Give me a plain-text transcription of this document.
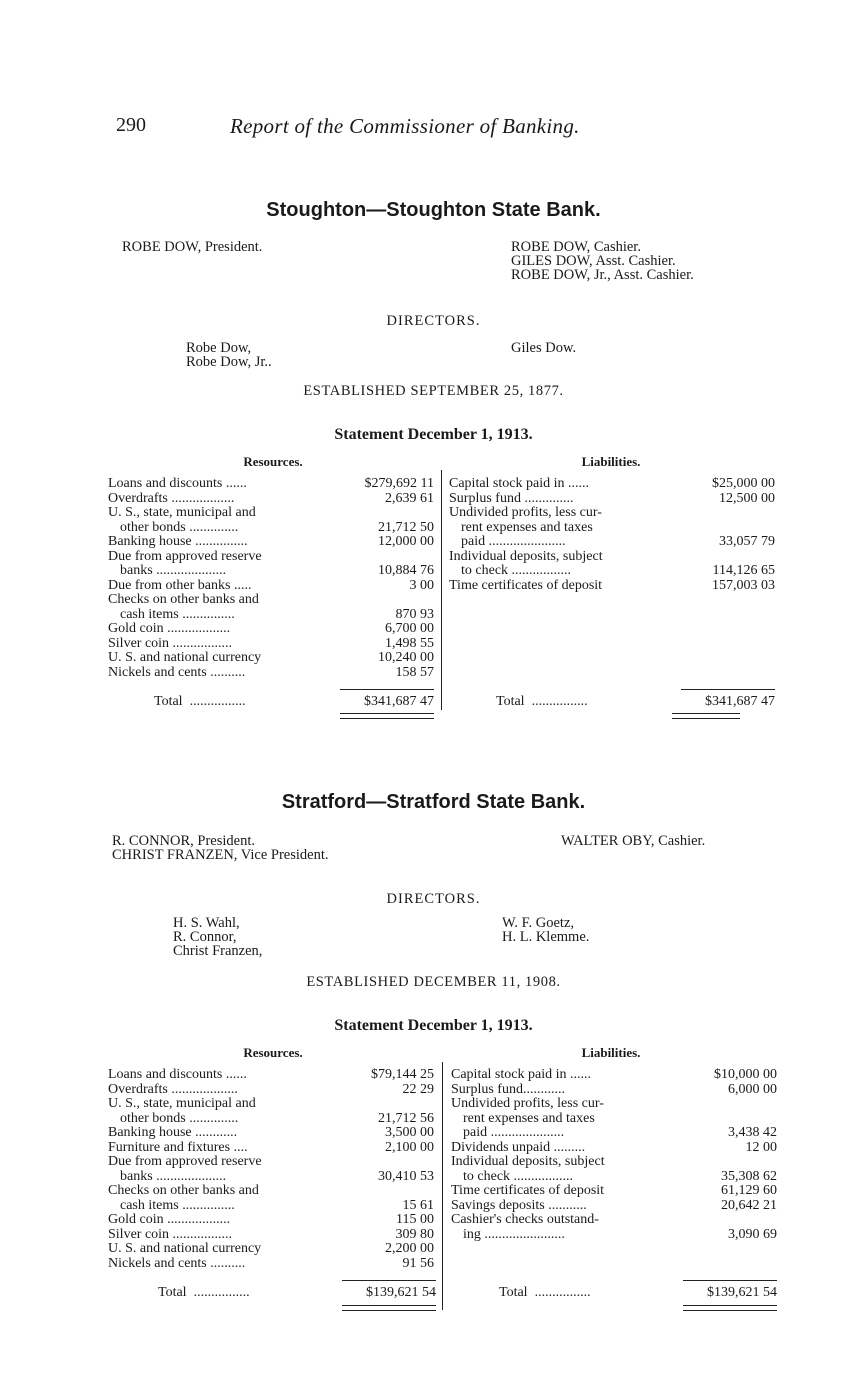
290	Report of the Commissioner of Banking.
Stoughton—Stoughton State Bank.
ROBE DOW, President.	ROBE DOW, Cashier.
GILES DOW, Asst. Cashier.
ROBE DOW, Jr., Asst. Cashier.
DIRECTORS.
Robe Dow,
Robe Dow, Jr..
Giles Dow.
ESTABLISHED SEPTEMBER 25, 1877.
Statement December 1, 1913.
Resources.	Liabilities.
Loans and discounts ......	$279,692 11
Overdrafts ..................	2,639 61
U. S., state, municipal and
other bonds ..............	21,712 50
Banking house ...............	12,000 00
Due from approved reserve
banks ....................	10,884 76
Due from other banks .....	3 00
Checks on other banks and
cash items ...............	870 93
Gold coin ..................	6,700 00
Silver coin .................	1,498 55
U. S. and national currency	10,240 00
Nickels and cents ..........	158 57
Capital stock paid in ......	$25,000 00
Surplus fund ..............	12,500 00
Undivided profits, less cur-
rent expenses and taxes
paid ......................	33,057 79
Individual deposits, subject
to check .................	114,126 65
Time certificates of deposit	157,003 03
Total ................	$341,687 47	Total ................	$341,687 47
Stratford—Stratford State Bank.
R. CONNOR, President.
CHRIST FRANZEN, Vice President.
WALTER OBY, Cashier.
DIRECTORS.
H. S. Wahl,
R. Connor,
Christ Franzen,
W. F. Goetz,
H. L. Klemme.
ESTABLISHED DECEMBER 11, 1908.
Statement December 1, 1913.
Resources.	Liabilities.
Loans and discounts ......	$79,144 25
Overdrafts ...................	22 29
U. S., state, municipal and
other bonds ..............	21,712 56
Banking house ............	3,500 00
Furniture and fixtures ....	2,100 00
Due from approved reserve
banks ....................	30,410 53
Checks on other banks and
cash items ...............	15 61
Gold coin ..................	115 00
Silver coin .................	309 80
U. S. and national currency	2,200 00
Nickels and cents ..........	91 56
Capital stock paid in ......	$10,000 00
Surplus fund............	6,000 00
Undivided profits, less cur-
rent expenses and taxes
paid .....................	3,438 42
Dividends unpaid .........	12 00
Individual deposits, subject
to check .................	35,308 62
Time certificates of deposit	61,129 60
Savings deposits ...........	20,642 21
Cashier's checks outstand-
ing .......................	3,090 69
Total ................	$139,621 54	Total ................	$139,621 54
